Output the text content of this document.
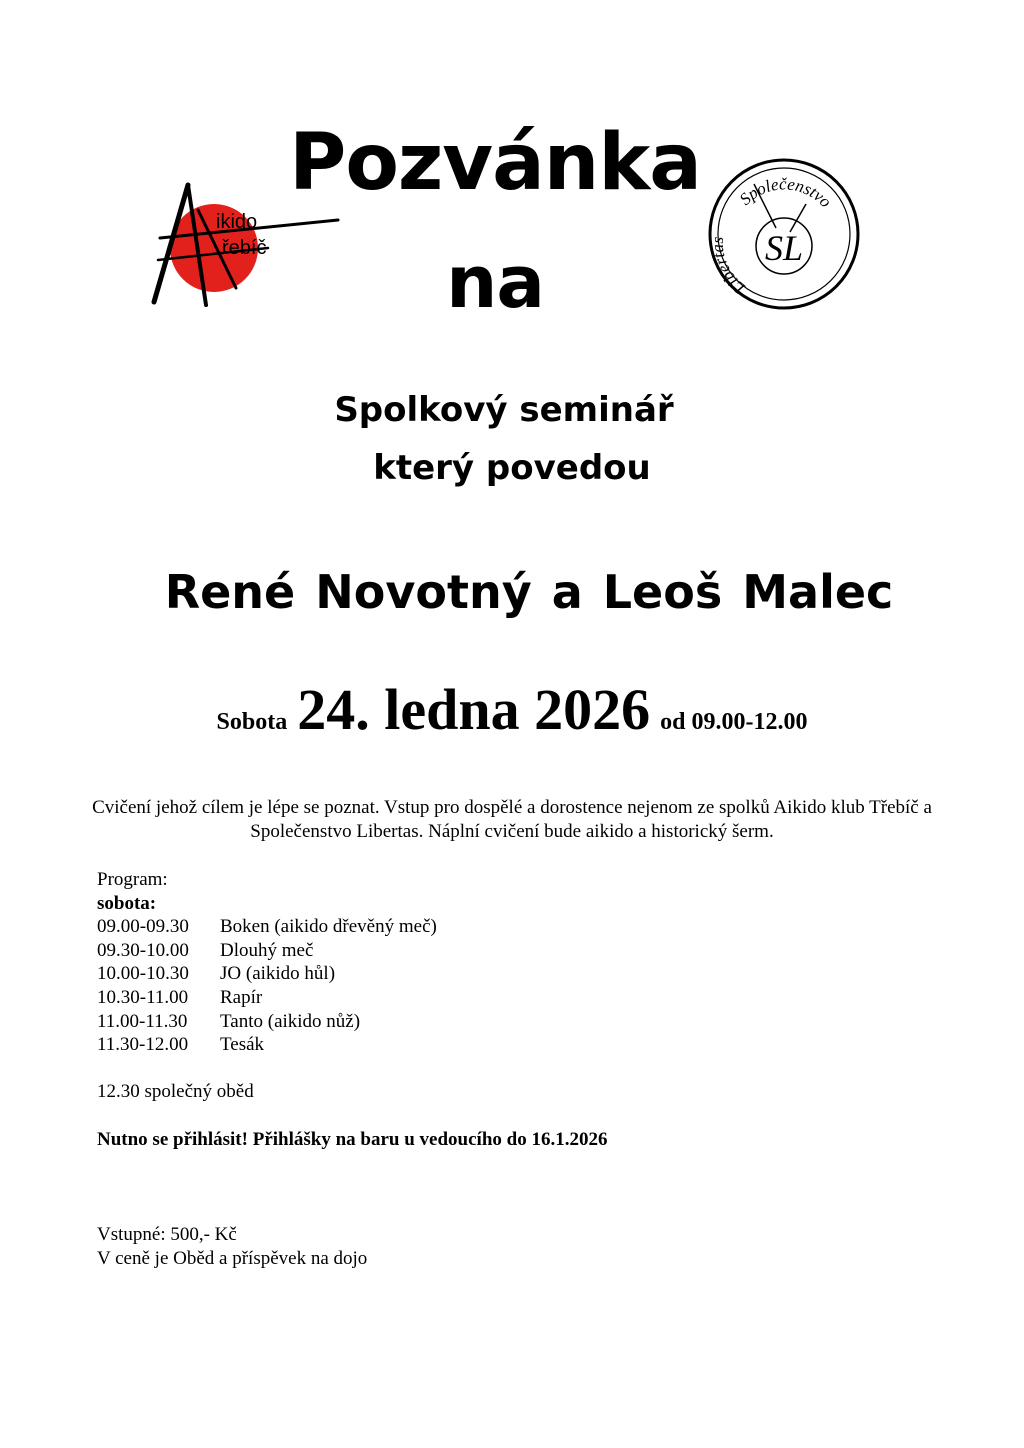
ikido
řebíč
Společenstvo
Libertas	SL
Pozvánka
na
Spolkový seminář
který povedou
René Novotný a Leoš Malec
Sobota 24. ledna 2026 od 09.00-12.00
Cvičení jehož cílem je lépe se poznat. Vstup pro dospělé a dorostence nejenom ze spolků Aikido klub Třebíč a Společenstvo Libertas. Náplní cvičení bude aikido a historický šerm.
Program:
sobota:
09.00-09.30	Boken (aikido dřevěný meč)
09.30-10.00	Dlouhý meč
10.00-10.30	JO (aikido hůl)
10.30-11.00	Rapír
11.00-11.30	Tanto (aikido nůž)
11.30-12.00	Tesák
12.30 společný oběd
Nutno se přihlásit! Přihlášky na baru u vedoucího do 16.1.2026
Vstupné: 500,- Kč
V ceně je Oběd a příspěvek na dojo
